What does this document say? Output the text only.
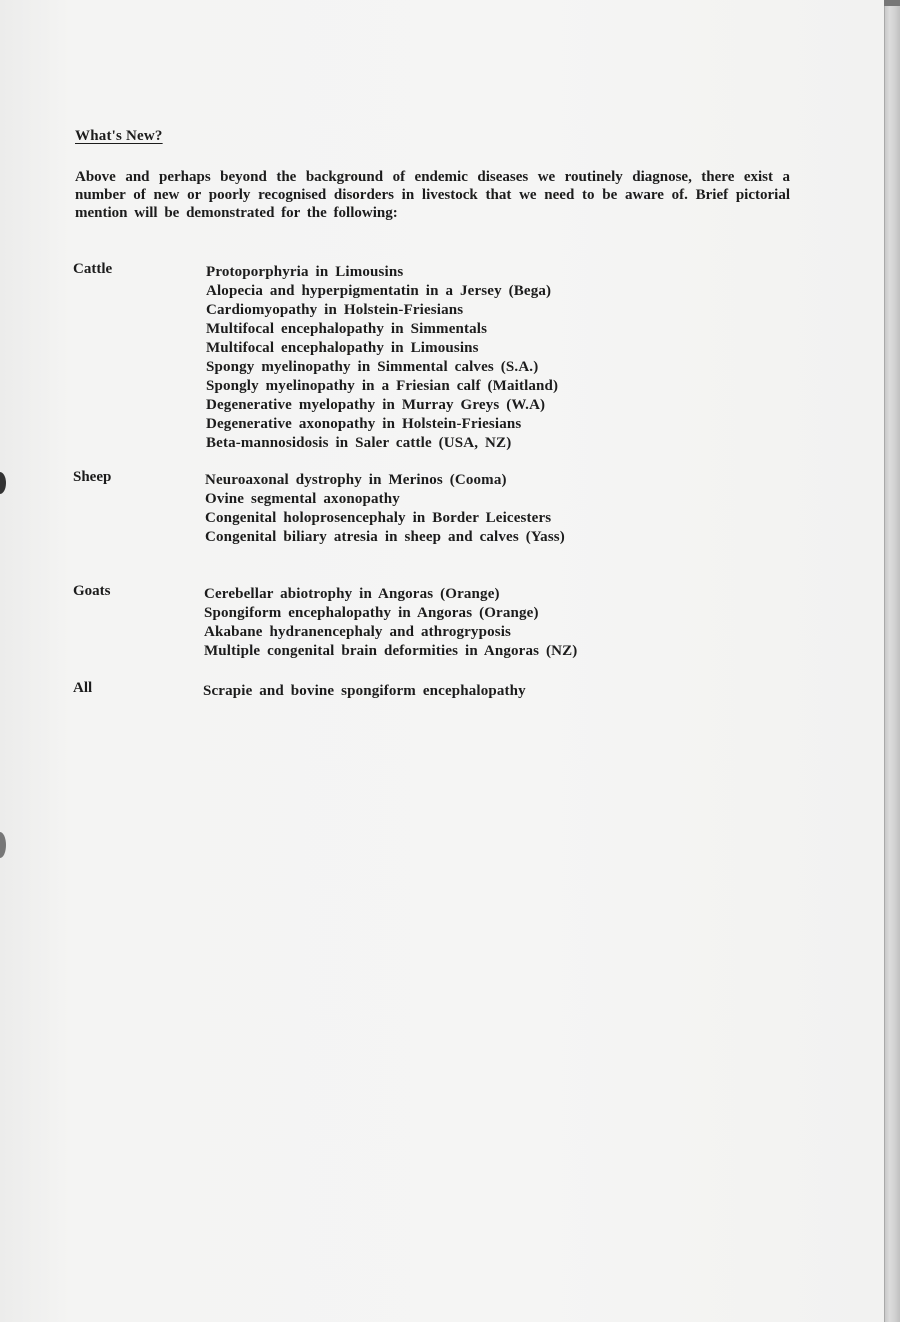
What's New?

Above and perhaps beyond the background of endemic diseases we routinely diagnose, there exist a number of new or poorly recognised disorders in livestock that we need to be aware of. Brief pictorial mention will be demonstrated for the following:

Cattle	Protoporphyria in Limousins
Alopecia and hyperpigmentatin in a Jersey (Bega)
Cardiomyopathy in Holstein-Friesians
Multifocal encephalopathy in Simmentals
Multifocal encephalopathy in Limousins
Spongy myelinopathy in Simmental calves (S.A.)
Spongly myelinopathy in a Friesian calf (Maitland)
Degenerative myelopathy in Murray Greys (W.A)
Degenerative axonopathy in Holstein-Friesians
Beta-mannosidosis in Saler cattle (USA, NZ)
Sheep	Neuroaxonal dystrophy in Merinos (Cooma)
Ovine segmental axonopathy
Congenital holoprosencephaly in Border Leicesters
Congenital biliary atresia in sheep and calves (Yass)
Goats	Cerebellar abiotrophy in Angoras (Orange)
Spongiform encephalopathy in Angoras (Orange)
Akabane hydranencephaly and athrogryposis
Multiple congenital brain deformities in Angoras (NZ)
All	Scrapie and bovine spongiform encephalopathy
